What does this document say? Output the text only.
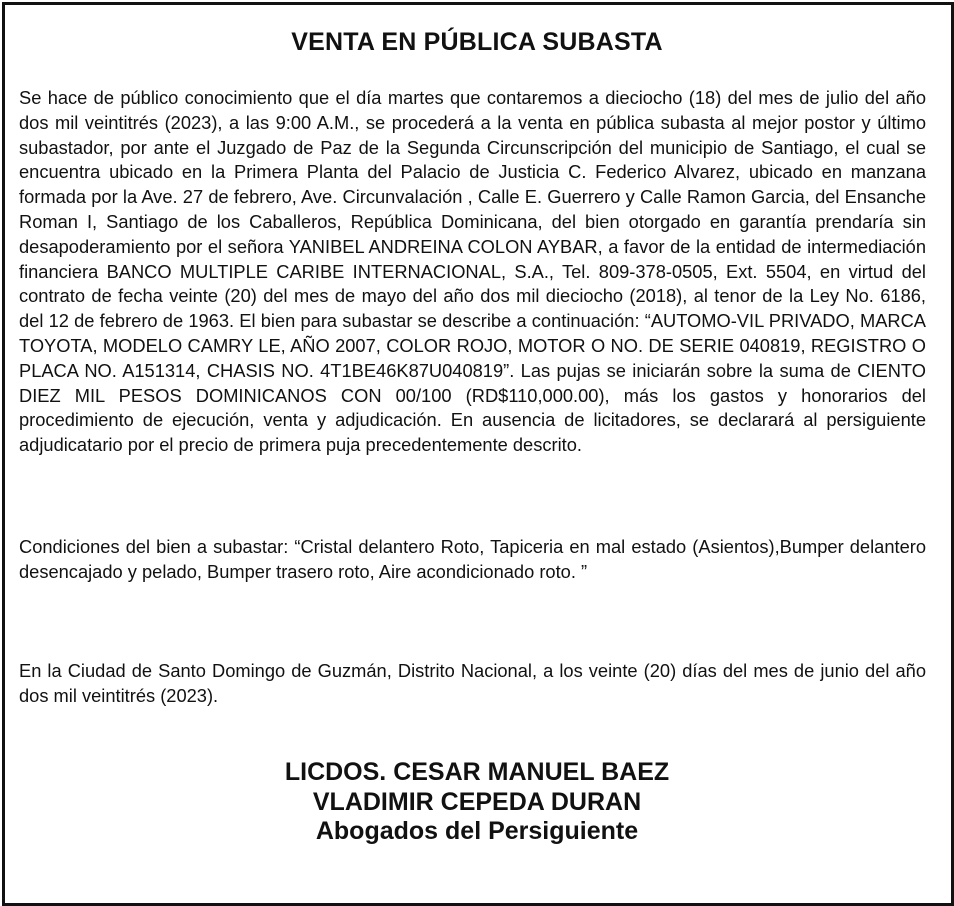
VENTA EN PÚBLICA SUBASTA

Se hace de público conocimiento que el día martes que contaremos a dieciocho (18) del mes de julio del año dos mil veintitrés (2023), a las 9:00 A.M., se procederá a la venta en pública subasta al mejor postor y último subastador, por ante el Juzgado de Paz de la Segunda Circunscripción del municipio de Santiago, el cual se encuentra ubicado en la Primera Planta del Palacio de Justicia C. Federico Alvarez, ubicado en manzana formada por la Ave. 27 de febrero, Ave. Circunvalación , Calle E. Guerrero y Calle Ramon Garcia, del Ensanche Roman I, Santiago de los Caballeros, República Dominicana, del bien otorgado en garantía prendaría sin desapoderamiento por el señora YANIBEL ANDREINA COLON AYBAR, a favor de la entidad de intermediación financiera BANCO MULTIPLE CARIBE INTERNACIONAL, S.A., Tel. 809-378-0505, Ext. 5504, en virtud del contrato de fecha veinte (20) del mes de mayo del año dos mil dieciocho (2018), al tenor de la Ley No. 6186, del 12 de febrero de 1963. El bien para subastar se describe a continuación: “AUTOMO-VIL PRIVADO, MARCA TOYOTA, MODELO CAMRY LE, AÑO 2007, COLOR ROJO, MOTOR O NO. DE SERIE 040819, REGISTRO O PLACA NO. A151314, CHASIS NO. 4T1BE46K87U040819”. Las pujas se iniciarán sobre la suma de CIENTO DIEZ MIL PESOS DOMINICANOS CON 00/100 (RD$110,000.00), más los gastos y honorarios del procedimiento de ejecución, venta y adjudicación. En ausencia de licitadores, se declarará al persiguiente adjudicatario por el precio de primera puja precedentemente descrito.

Condiciones del bien a subastar: “Cristal delantero Roto, Tapiceria en mal estado (Asientos),Bumper delantero desencajado y pelado, Bumper trasero roto, Aire acondicionado roto. ”

En la Ciudad de Santo Domingo de Guzmán, Distrito Nacional, a los veinte (20) días del mes de junio del año dos mil veintitrés (2023).

LICDOS. CESAR MANUEL BAEZ
VLADIMIR CEPEDA DURAN
Abogados del Persiguiente
